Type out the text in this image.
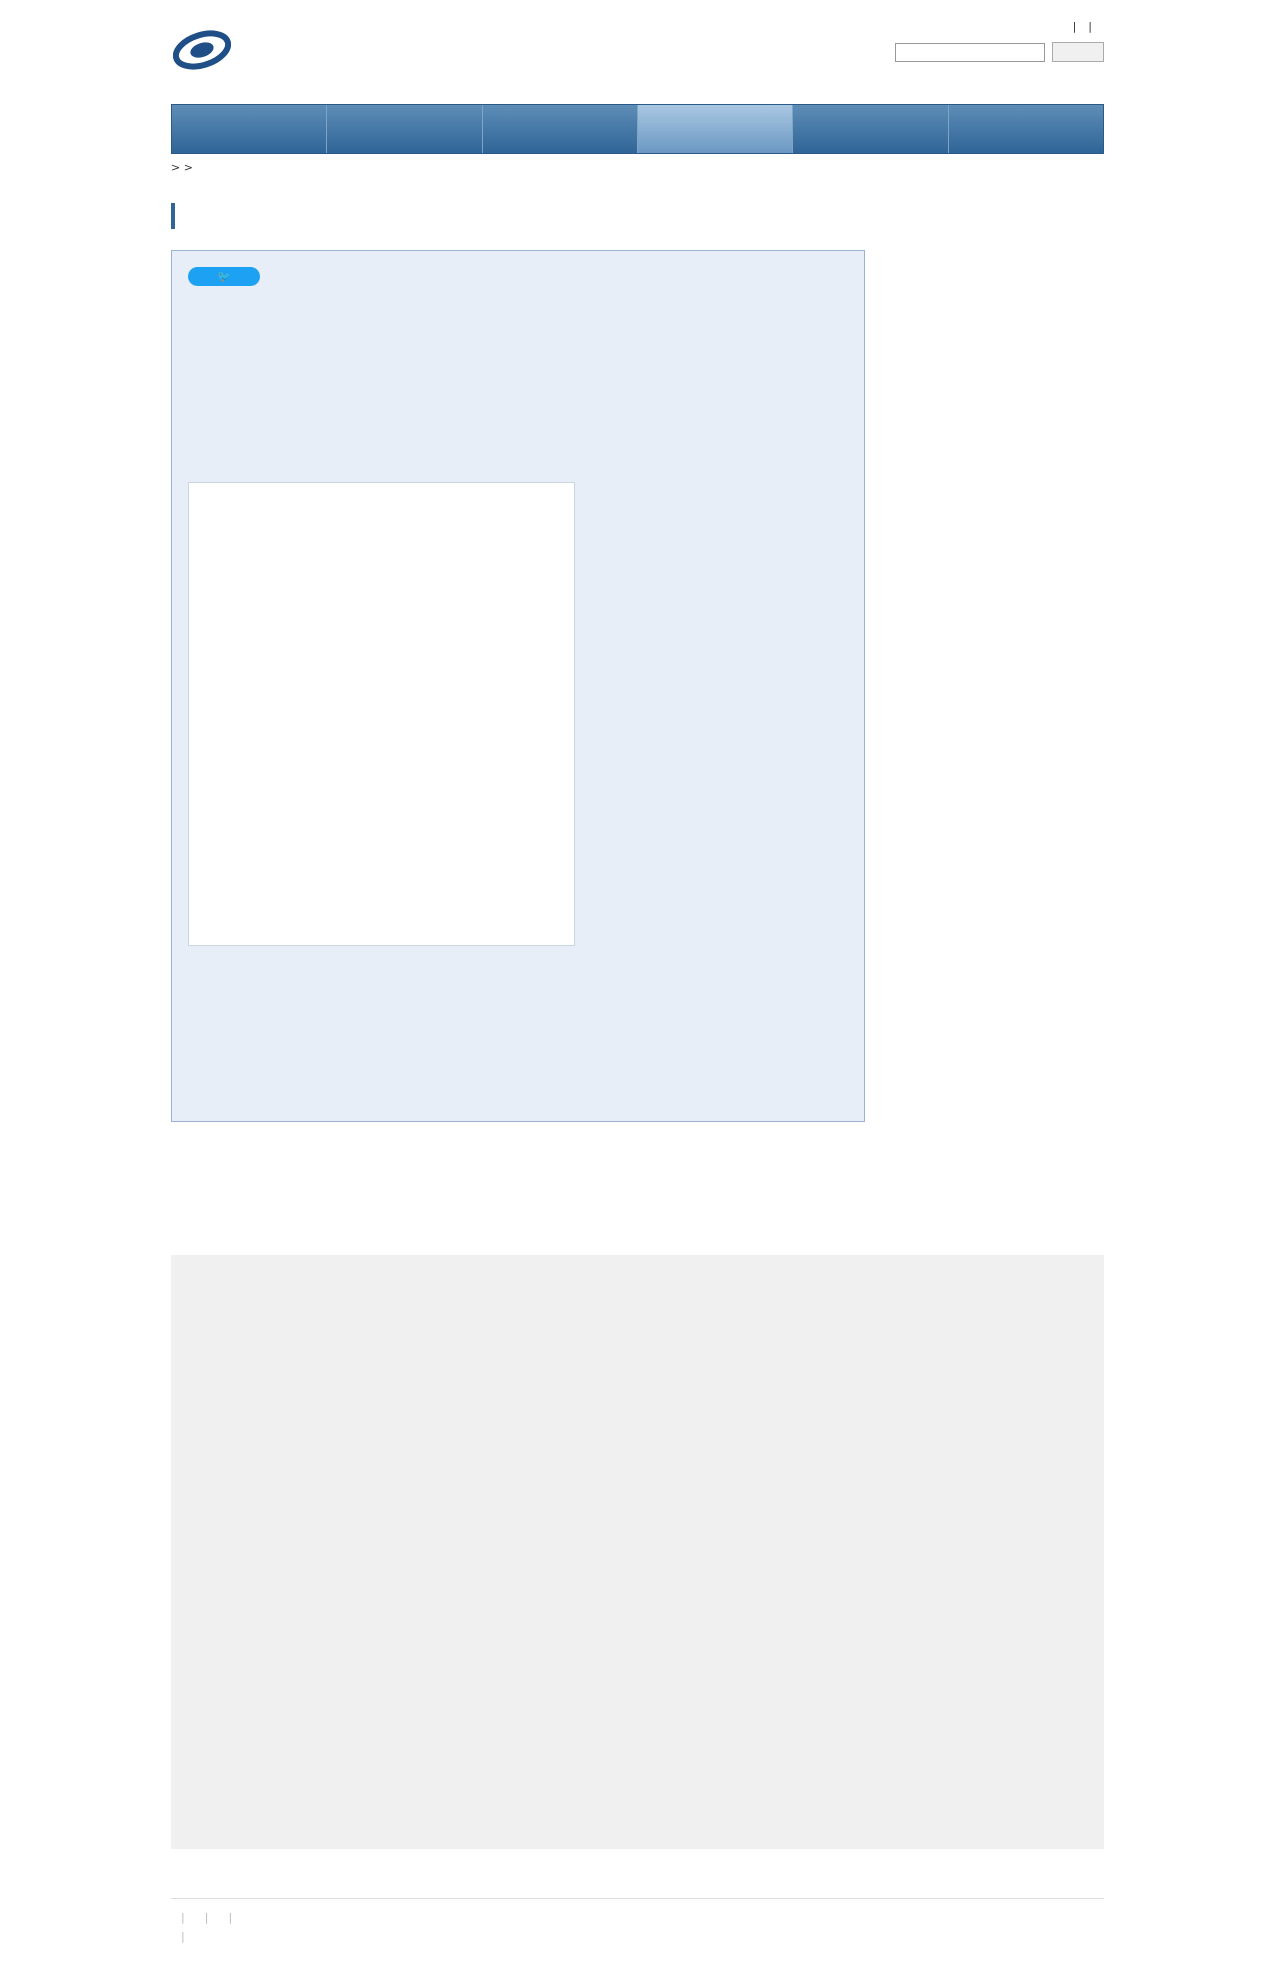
| |
> >
🐦
| | |
|
